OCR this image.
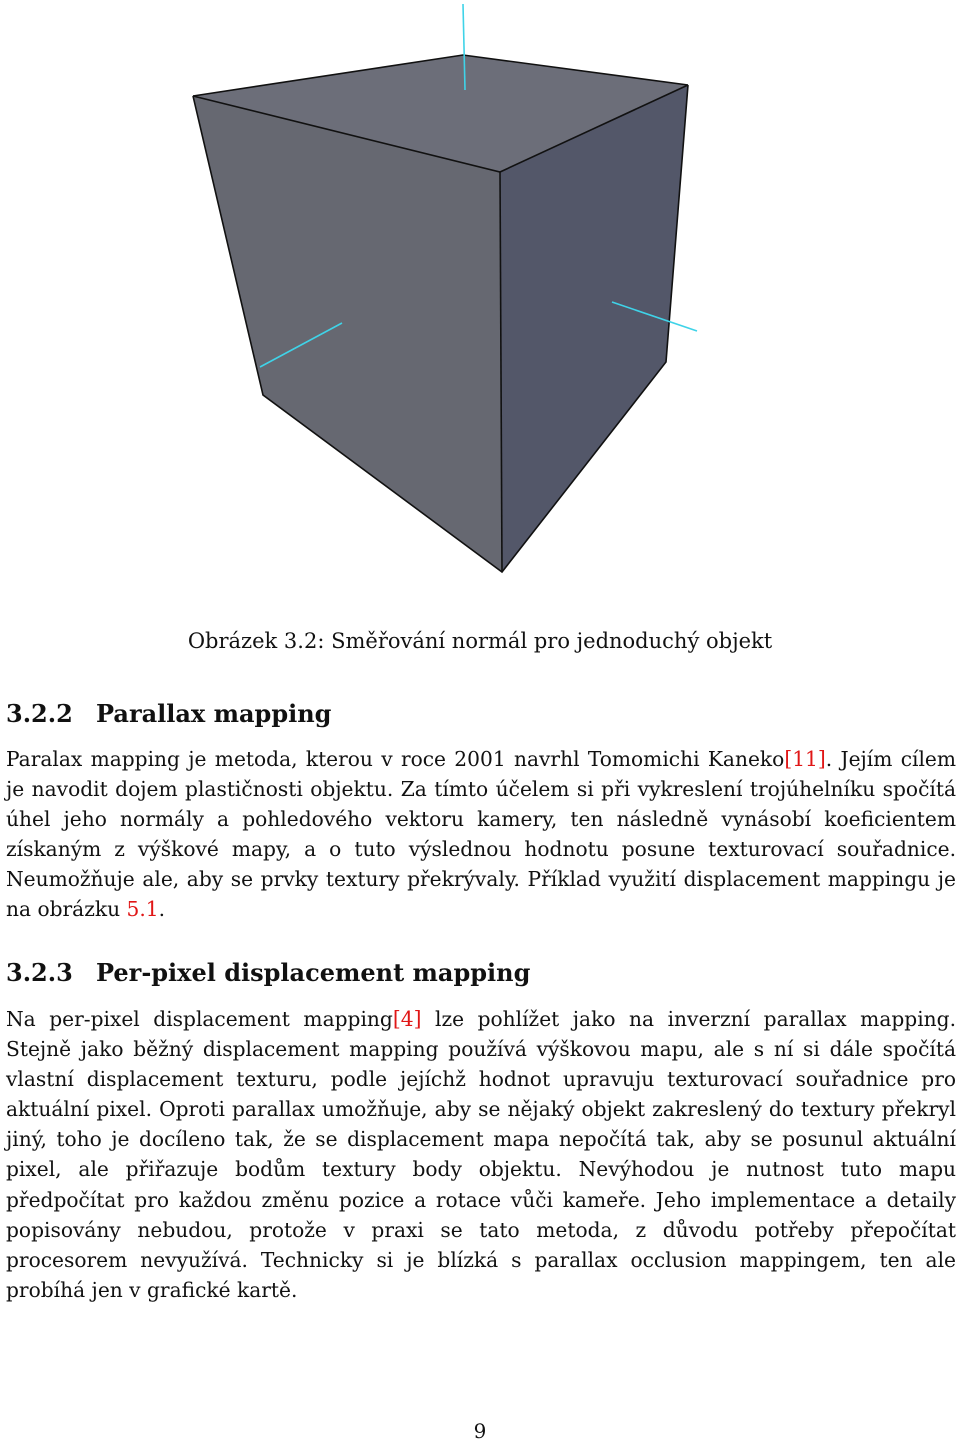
Obrázek 3.2: Směřování normál pro jednoduchý objekt
3.2.2 Parallax mapping
Paralax mapping je metoda, kterou v roce 2001 navrhl Tomomichi Kaneko[11]. Jejím cílem je navodit dojem plastičnosti objektu. Za tímto účelem si při vykreslení trojúhelníku spočítá úhel jeho normály a pohledového vektoru kamery, ten následně vynásobí koeficientem získaným z výškové mapy, a o tuto výslednou hodnotu posune texturovací souřadnice. Neumožňuje ale, aby se prvky textury překrývaly. Příklad využití displacement mappingu je na obrázku 5.1.
3.2.3 Per-pixel displacement mapping
Na per-pixel displacement mapping[4] lze pohlížet jako na inverzní parallax mapping. Stejně jako běžný displacement mapping používá výškovou mapu, ale s ní si dále spočítá vlastní displacement texturu, podle jejíchž hodnot upravuju texturovací souřadnice pro aktuální pixel. Oproti parallax umožňuje, aby se nějaký objekt zakreslený do textury překryl jiný, toho je docíleno tak, že se displacement mapa nepočítá tak, aby se posunul aktuální pixel, ale přiřazuje bodům textury body objektu. Nevýhodou je nutnost tuto mapu předpočítat pro každou změnu pozice a rotace vůči kameře. Jeho implementace a detaily popisovány nebudou, protože v praxi se tato metoda, z důvodu potřeby přepočítat procesorem nevyužívá. Technicky si je blízká s parallax occlusion mappingem, ten ale probíhá jen v grafické kartě.
9
